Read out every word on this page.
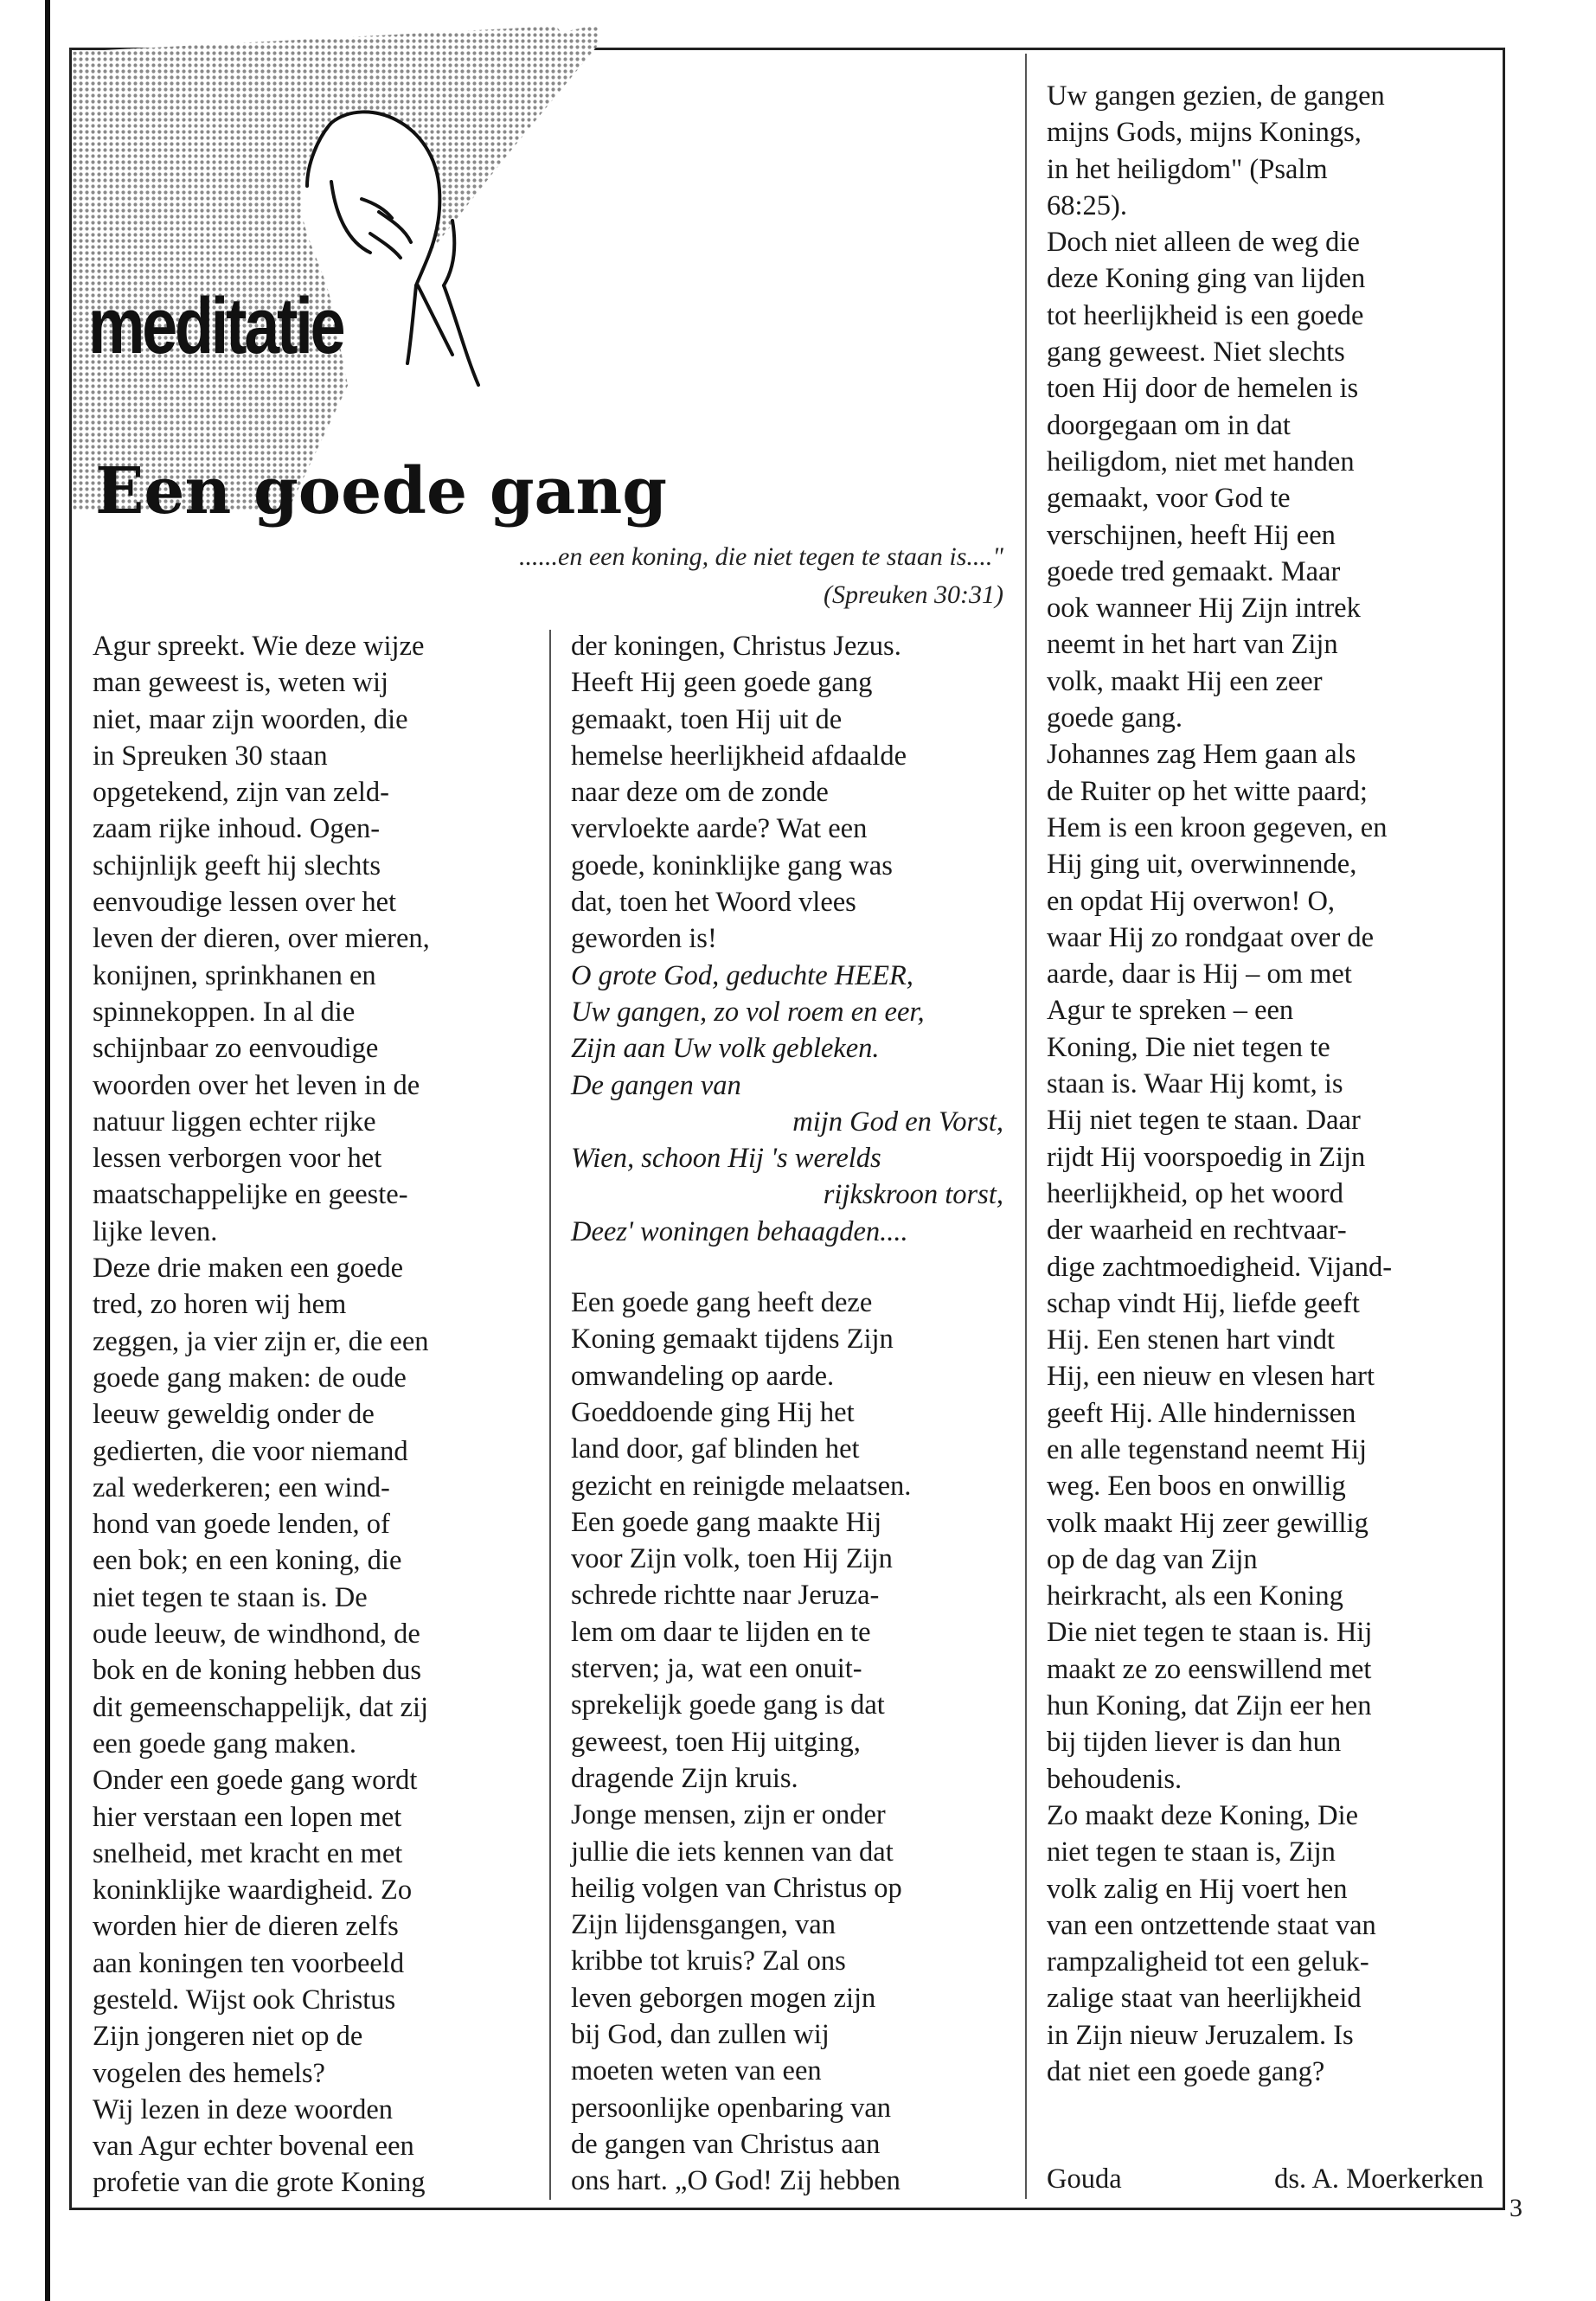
meditatie
Een goede gang
......en een koning, die niet tegen te staan is...."
(Spreuken 30:31)
Agur spreekt. Wie deze wijze
man geweest is, weten wij
niet, maar zijn woorden, die
in Spreuken 30 staan
opgetekend, zijn van zeld-
zaam rijke inhoud. Ogen-
schijnlijk geeft hij slechts
eenvoudige lessen over het
leven der dieren, over mieren,
konijnen, sprinkhanen en
spinnekoppen. In al die
schijnbaar zo eenvoudige
woorden over het leven in de
natuur liggen echter rijke
lessen verborgen voor het
maatschappelijke en geeste-
lijke leven.
Deze drie maken een goede
tred, zo horen wij hem
zeggen, ja vier zijn er, die een
goede gang maken: de oude
leeuw geweldig onder de
gedierten, die voor niemand
zal wederkeren; een wind-
hond van goede lenden, of
een bok; en een koning, die
niet tegen te staan is. De
oude leeuw, de windhond, de
bok en de koning hebben dus
dit gemeenschappelijk, dat zij
een goede gang maken.
Onder een goede gang wordt
hier verstaan een lopen met
snelheid, met kracht en met
koninklijke waardigheid. Zo
worden hier de dieren zelfs
aan koningen ten voorbeeld
gesteld. Wijst ook Christus
Zijn jongeren niet op de
vogelen des hemels?
Wij lezen in deze woorden
van Agur echter bovenal een
profetie van die grote Koning
der koningen, Christus Jezus.
Heeft Hij geen goede gang
gemaakt, toen Hij uit de
hemelse heerlijkheid afdaalde
naar deze om de zonde
vervloekte aarde? Wat een
goede, koninklijke gang was
dat, toen het Woord vlees
geworden is!
O grote God, geduchte HEER,
Uw gangen, zo vol roem en eer,
Zijn aan Uw volk gebleken.
De gangen van
mijn God en Vorst,
Wien, schoon Hij 's werelds
rijkskroon torst,
Deez' woningen behaagden....
Een goede gang heeft deze
Koning gemaakt tijdens Zijn
omwandeling op aarde.
Goeddoende ging Hij het
land door, gaf blinden het
gezicht en reinigde melaatsen.
Een goede gang maakte Hij
voor Zijn volk, toen Hij Zijn
schrede richtte naar Jeruza-
lem om daar te lijden en te
sterven; ja, wat een onuit-
sprekelijk goede gang is dat
geweest, toen Hij uitging,
dragende Zijn kruis.
Jonge mensen, zijn er onder
jullie die iets kennen van dat
heilig volgen van Christus op
Zijn lijdensgangen, van
kribbe tot kruis? Zal ons
leven geborgen mogen zijn
bij God, dan zullen wij
moeten weten van een
persoonlijke openbaring van
de gangen van Christus aan
ons hart. „O God! Zij hebben
Uw gangen gezien, de gangen
mijns Gods, mijns Konings,
in het heiligdom" (Psalm
68:25).
Doch niet alleen de weg die
deze Koning ging van lijden
tot heerlijkheid is een goede
gang geweest. Niet slechts
toen Hij door de hemelen is
doorgegaan om in dat
heiligdom, niet met handen
gemaakt, voor God te
verschijnen, heeft Hij een
goede tred gemaakt. Maar
ook wanneer Hij Zijn intrek
neemt in het hart van Zijn
volk, maakt Hij een zeer
goede gang.
Johannes zag Hem gaan als
de Ruiter op het witte paard;
Hem is een kroon gegeven, en
Hij ging uit, overwinnende,
en opdat Hij overwon! O,
waar Hij zo rondgaat over de
aarde, daar is Hij – om met
Agur te spreken – een
Koning, Die niet tegen te
staan is. Waar Hij komt, is
Hij niet tegen te staan. Daar
rijdt Hij voorspoedig in Zijn
heerlijkheid, op het woord
der waarheid en rechtvaar-
dige zachtmoedigheid. Vijand-
schap vindt Hij, liefde geeft
Hij. Een stenen hart vindt
Hij, een nieuw en vlesen hart
geeft Hij. Alle hindernissen
en alle tegenstand neemt Hij
weg. Een boos en onwillig
volk maakt Hij zeer gewillig
op de dag van Zijn
heirkracht, als een Koning
Die niet tegen te staan is. Hij
maakt ze zo eenswillend met
hun Koning, dat Zijn eer hen
bij tijden liever is dan hun
behoudenis.
Zo maakt deze Koning, Die
niet tegen te staan is, Zijn
volk zalig en Hij voert hen
van een ontzettende staat van
rampzaligheid tot een geluk-
zalige staat van heerlijkheid
in Zijn nieuw Jeruzalem. Is
dat niet een goede gang?
Gouda	ds. A. Moerkerken
3
